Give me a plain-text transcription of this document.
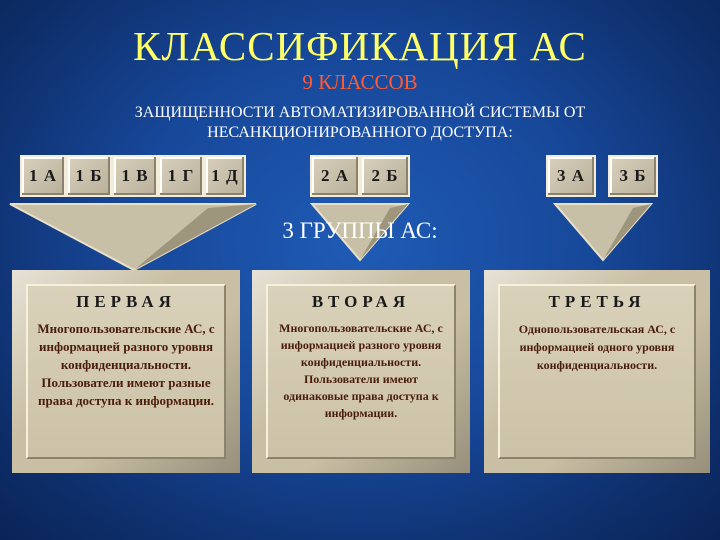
КЛАССИФИКАЦИЯ АС
9 КЛАССОВ
ЗАЩИЩЕННОСТИ АВТОМАТИЗИРОВАННОЙ СИСТЕМЫ ОТ
НЕСАНКЦИОНИРОВАННОГО ДОСТУПА:
1 А	1 Б	1 В	1 Г 1 Д	2 А	2 Б	3 А	3 Б
3 ГРУППЫ АС:
ПЕРВАЯ
Многопользовательские АС, с информацией разного уровня конфиденциальности. Пользователи имеют разные права доступа к информации.
ВТОРАЯ
Многопользовательские АС, с информацией разного уровня конфиденциальности. Пользователи имеют одинаковые права доступа к информации.
ТРЕТЬЯ
Однопользовательская АС, с информацией одного уровня конфиденциальности.
